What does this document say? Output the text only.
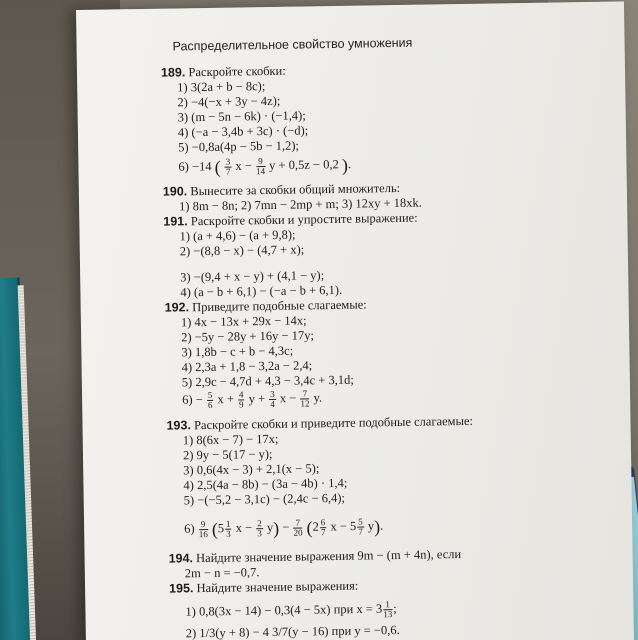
Распределительное свойство умножения
189. Раскройте скобки:
1) 3(2a + b − 8c);
2) −4(−x + 3y − 4z);
3) (m − 5n − 6k) · (−1,4);
4) (−a − 3,4b + 3c) · (−d);
5) −0,8a(4p − 5b − 1,2);
190. Вынесите за скобки общий множитель:
1) 8m − 8n; 2) 7mn − 2mp + m; 3) 12xy + 18xk.
191. Раскройте скобки и упростите выражение:
1) (a + 4,6) − (a + 9,8);
2) −(8,8 − x) − (4,7 + x);
3) −(9,4 + x − y) + (4,1 − y);
4) (a − b + 6,1) − (−a − b + 6,1).
192. Приведите подобные слагаемые:
1) 4x − 13x + 29x − 14x;
2) −5y − 28y + 16y − 17y;
3) 1,8b − c + b − 4,3c;
4) 2,3a + 1,8 − 3,2a − 2,4;
5) 2,9c − 4,7d + 4,3 − 3,4c + 3,1d;
193. Раскройте скобки и приведите подобные слагаемые:
1) 8(6x − 7) − 17x;
2) 9y − 5(17 − y);
3) 0,6(4x − 3) + 2,1(x − 5);
4) 2,5(4a − 8b) − (3a − 4b) · 1,4;
5) −(−5,2 − 3,1c) − (2,4c − 6,4);
194. Найдите значение выражения 9m − (m + 4n), если
2m − n = −0,7.
195. Найдите значение выражения:
2) 1/3(y + 8) − 4 3/7(y − 16) при y = −0,6.
6) −14 ( $\frac{3}{7}$ $x - \frac{9}{14}$ y + 0,5z − 0,2 ).
$6) - \frac{5}{6}$ $x + \frac{4}{9}$ $y + \frac{3}{4}$ $x - \frac{7}{12} y$.
$6) \frac{9}{16} (5 \frac{1}{3}$ $x - \frac{2}{3} y) - \frac{7}{20} (2 \frac{6}{7}$ $x - 5 \frac{5}{7} y$).
1) 0,8(3x − 14) − 0,3(4 − 5x) при $x = 3 \frac{1}{13}$ ;
